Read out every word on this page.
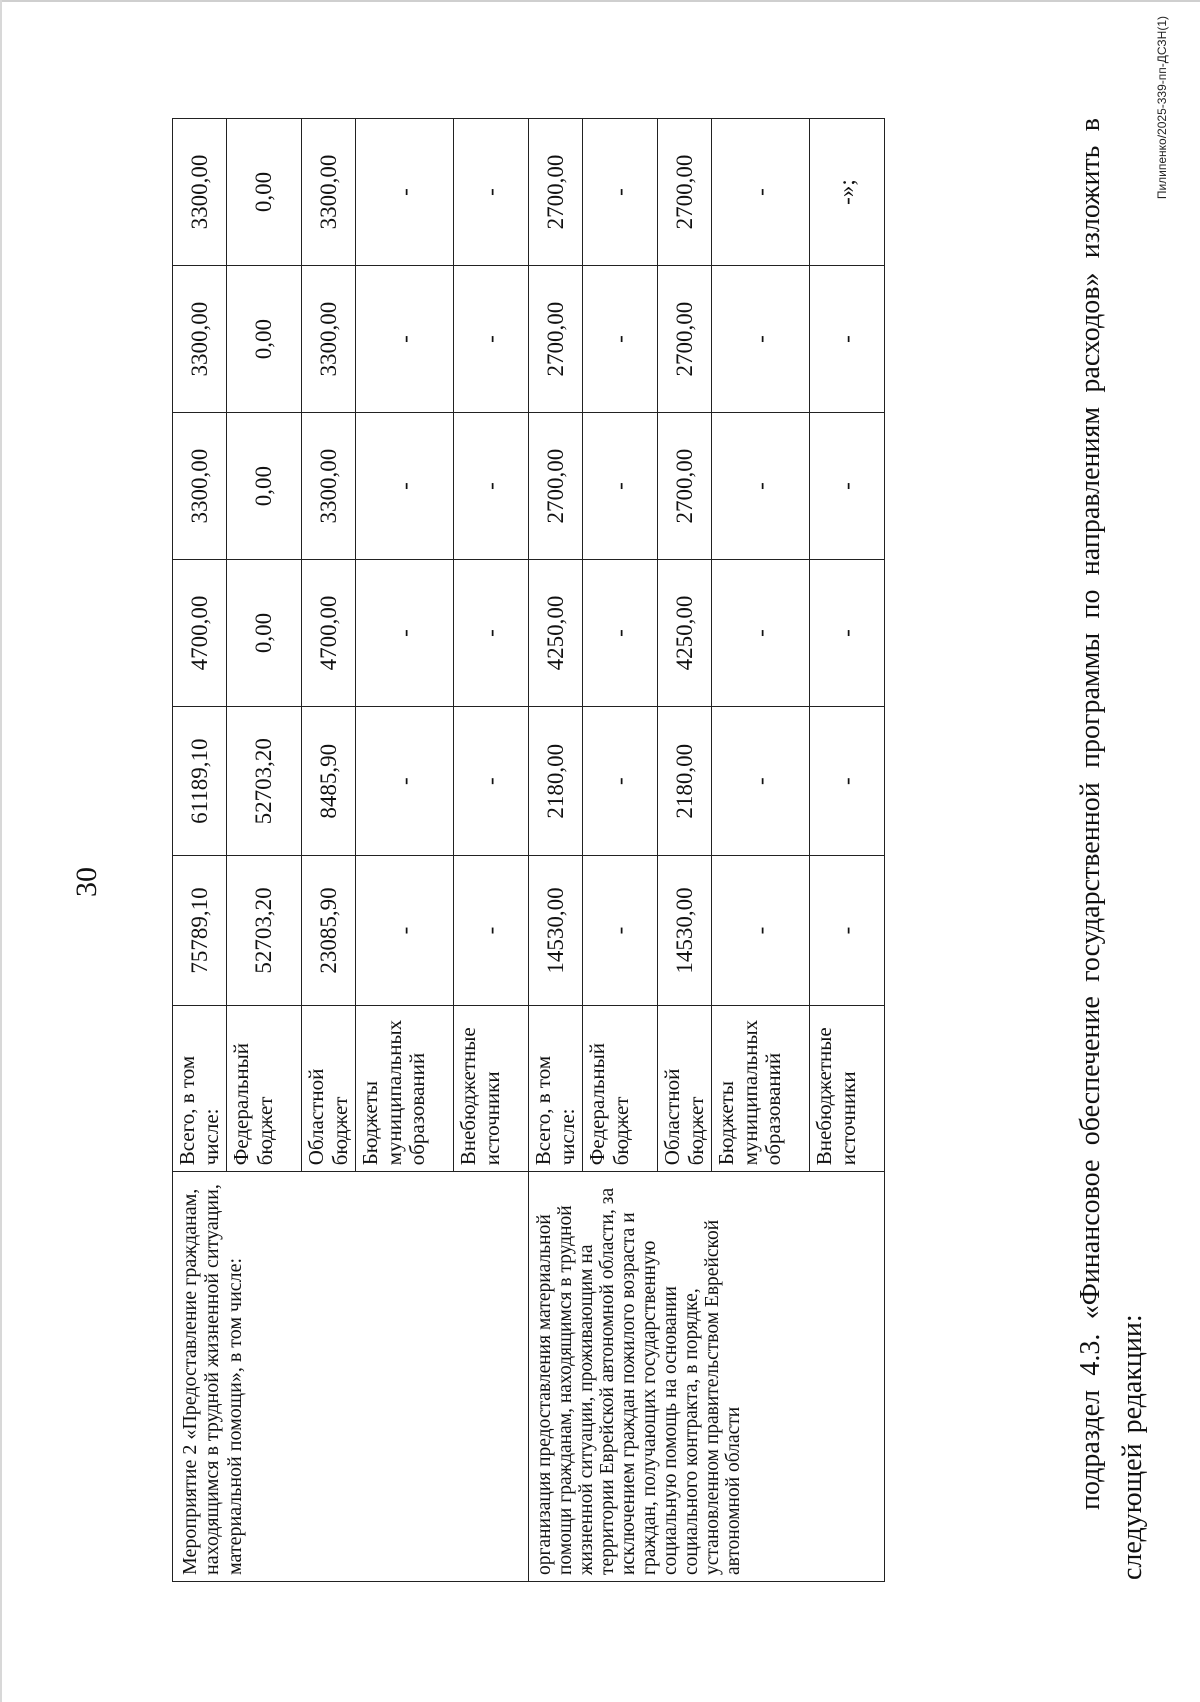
30
Мероприятие 2 «Предоставление гражданам, находящимся в трудной жизненной ситуации, материальной помощи», в том числе:	Всего, в том числе:	75789,10	61189,10	4700,00	3300,00	3300,00	3300,00
	Федеральный бюджет	52703,20	52703,20	0,00	0,00	0,00	0,00
	Областной бюджет	23085,90	8485,90	4700,00	3300,00	3300,00	3300,00
	Бюджеты муниципальных образований	-	-	-	-	-	-
	Внебюджетные источники	-	-	-	-	-	-
организация предоставления материальной помощи гражданам, находящимся в трудной жизненной ситуации, проживающим на территории Еврейской автономной области, за исключением граждан пожилого возраста и граждан, получающих государственную социальную помощь на основании социального контракта, в порядке, установленном правительством Еврейской автономной области	Всего, в том числе:	14530,00	2180,00	4250,00	2700,00	2700,00	2700,00
	Федеральный бюджет	-	-	-	-	-	-
	Областной бюджет	14530,00	2180,00	4250,00	2700,00	2700,00	2700,00
	Бюджеты муниципальных образований	-	-	-	-	-	-
	Внебюджетные источники	-	-	-	-	-	-»;	подраздел 4.3. «Финансовое обеспечение государственной программы по направлениям расходов» изложить в следующей редакции:
Пилипенко/2025-339-пп-ДСЗН(1)
